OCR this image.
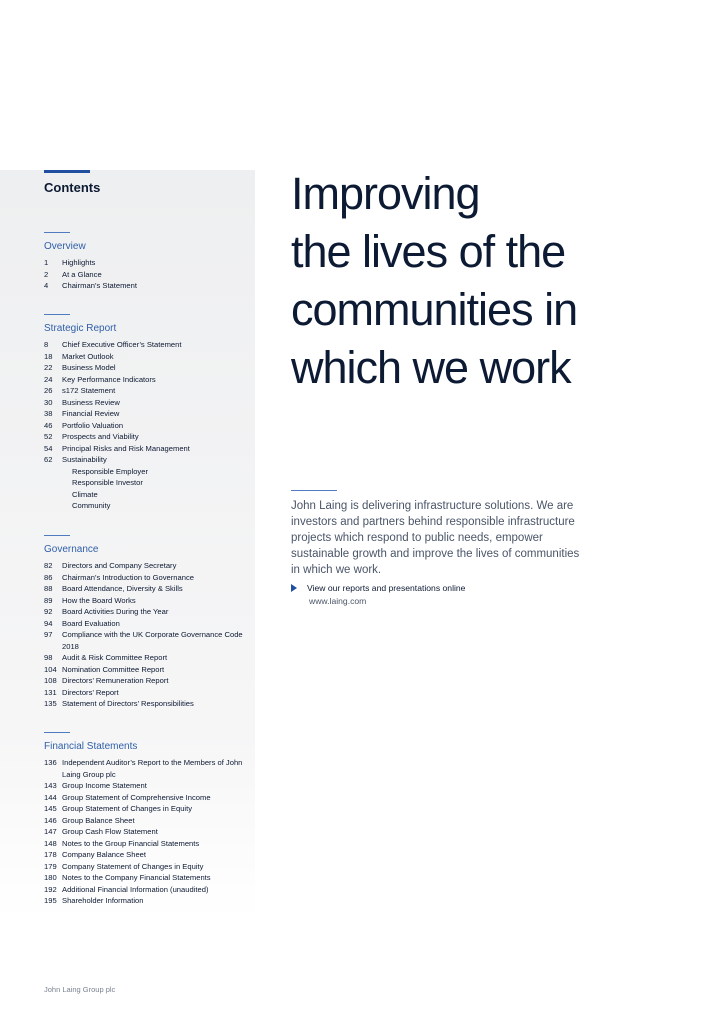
Contents
Overview
1	Highlights
2	At a Glance
4	Chairman’s Statement
Strategic Report
8	Chief Executive Officer’s Statement
18	Market Outlook
22	Business Model
24	Key Performance Indicators
26	s172 Statement
30	Business Review
38	Financial Review
46	Portfolio Valuation
52	Prospects and Viability
54	Principal Risks and Risk Management
62	Sustainability
Responsible Employer
Responsible Investor
Climate
Community
Governance
82	Directors and Company Secretary
86	Chairman’s Introduction to Governance
88	Board Attendance, Diversity & Skills
89	How the Board Works
92	Board Activities During the Year
94	Board Evaluation
97	Compliance with the UK Corporate Governance Code 2018
98	Audit & Risk Committee Report
104 Nomination Committee Report
108 Directors’ Remuneration Report
131 Directors’ Report
135 Statement of Directors’ Responsibilities
Financial Statements
136 Independent Auditor’s Report to the Members of John Laing Group plc
143 Group Income Statement
144 Group Statement of Comprehensive Income
145 Group Statement of Changes in Equity
146 Group Balance Sheet
147 Group Cash Flow Statement
148 Notes to the Group Financial Statements
178 Company Balance Sheet
179 Company Statement of Changes in Equity
180 Notes to the Company Financial Statements
192 Additional Financial Information (unaudited)
195 Shareholder Information
Improving
the lives of the
communities in
which we work
John Laing is delivering infrastructure solutions. We are investors and partners behind responsible infrastructure projects which respond to public needs, empower sustainable growth and improve the lives of communities in which we work.
View our reports and presentations online
www.laing.com
John Laing Group plc
